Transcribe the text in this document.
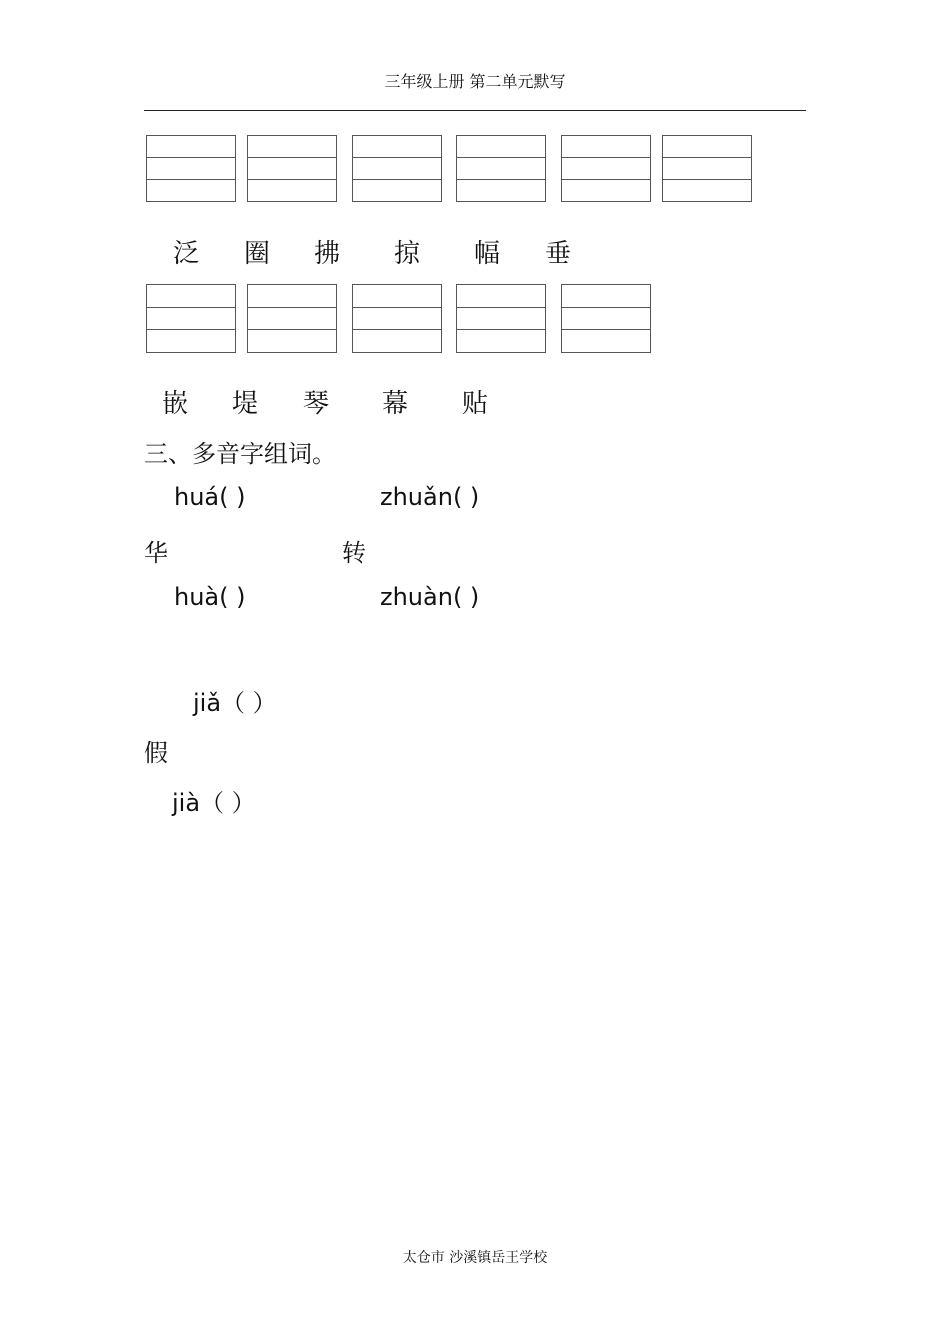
三年级上册 第二单元默写
泛 圈 拂 掠 幅 垂
嵌 堤 琴 幕 贴
三、多音字组词。
huá( )	zhuǎn( )
华	转
huà( )	zhuàn( )
jiǎ（ ）
假
jià（ ）
太仓市 沙溪镇岳王学校
